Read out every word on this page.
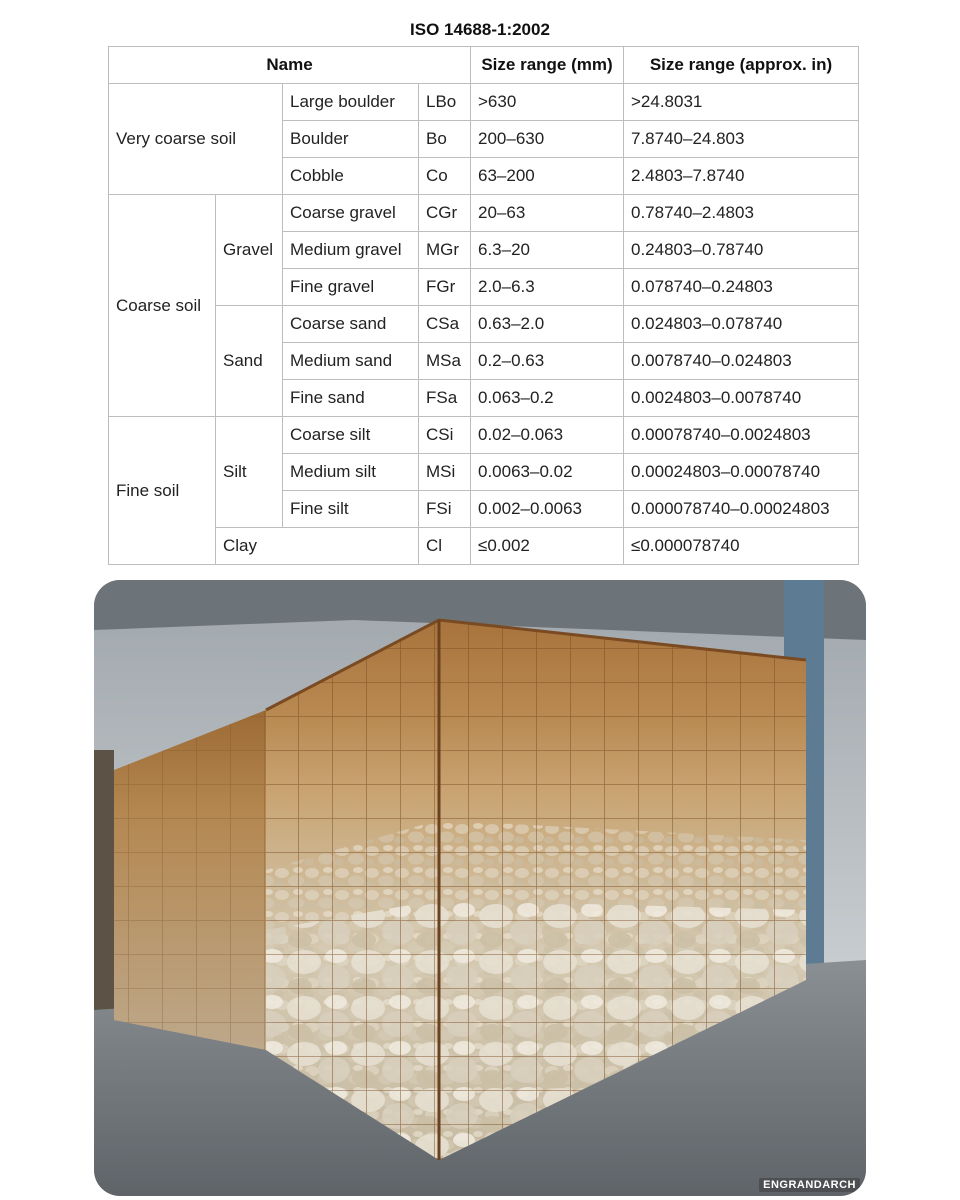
ISO 14688-1:2002
Name				Size range (mm)	Size range (approx. in)
Very coarse soil		Large boulder	LBo	>630	>24.8031
		Boulder	Bo	200–630	7.8740–24.803
		Cobble	Co	63–200	2.4803–7.8740
Coarse soil	Gravel	Coarse gravel	CGr	20–63	0.78740–2.4803
		Medium gravel	MGr	6.3–20	0.24803–0.78740
		Fine gravel	FGr	2.0–6.3	0.078740–0.24803
	Sand	Coarse sand	CSa	0.63–2.0	0.024803–0.078740
		Medium sand	MSa	0.2–0.63	0.0078740–0.024803
		Fine sand	FSa	0.063–0.2	0.0024803–0.0078740
Fine soil	Silt	Coarse silt	CSi	0.02–0.063	0.00078740–0.0024803
		Medium silt	MSi	0.0063–0.02	0.00024803–0.00078740
		Fine silt	FSi	0.002–0.0063	0.000078740–0.00024803
	Clay		Cl	≤0.002	≤0.000078740
ENGRANDARCH
